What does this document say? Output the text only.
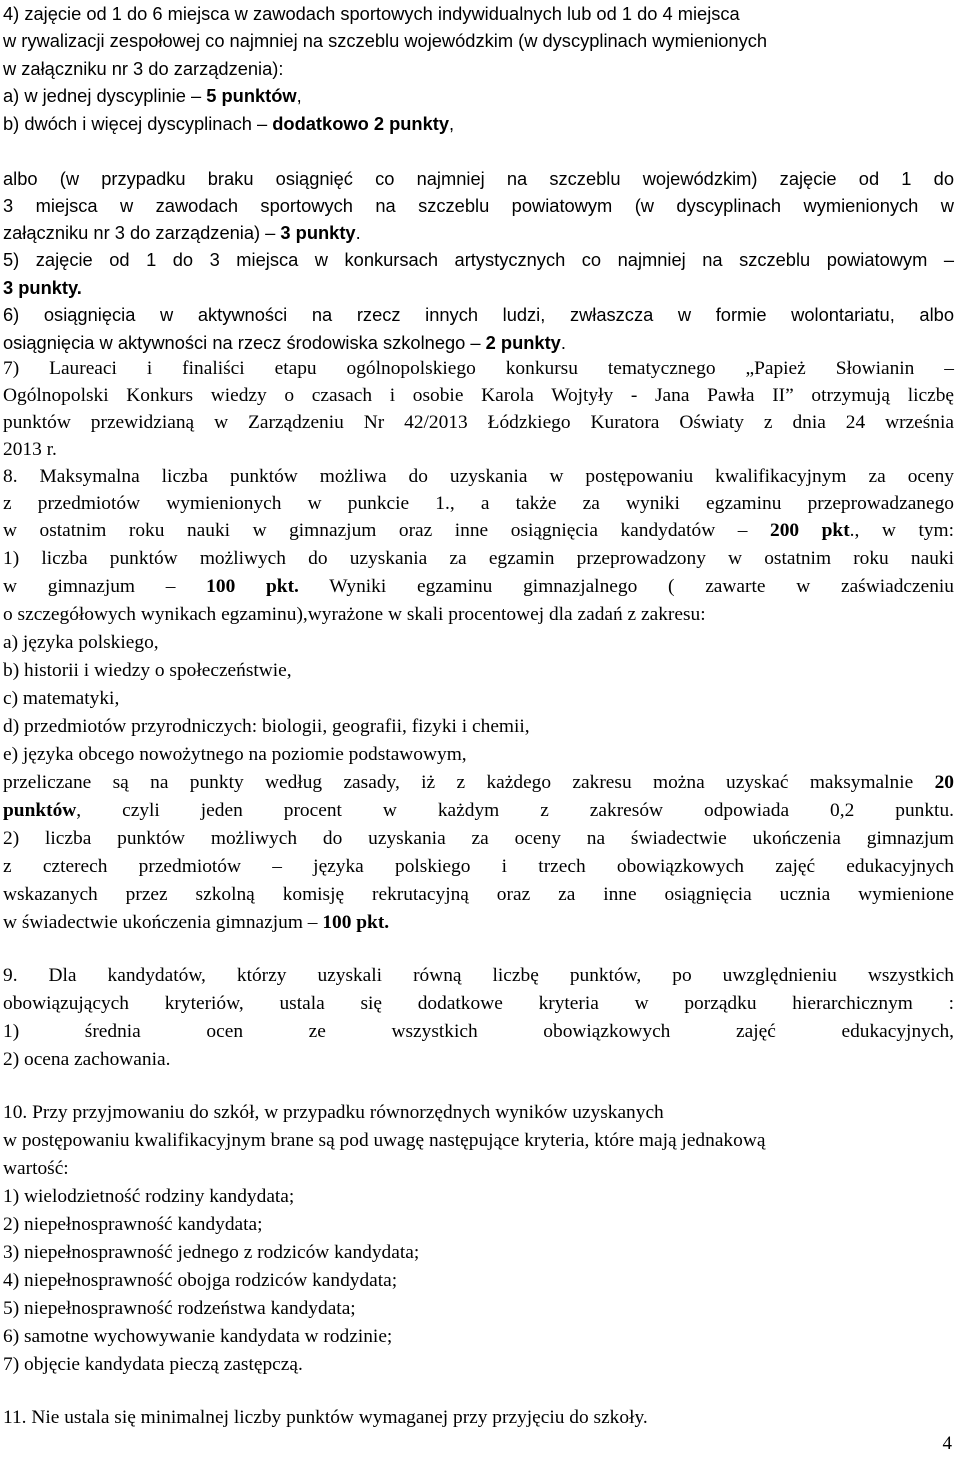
4) zajęcie od 1 do 6 miejsca w zawodach sportowych indywidualnych lub od 1 do 4 miejsca
w rywalizacji zespołowej co najmniej na szczeblu wojewódzkim (w dyscyplinach wymienionych
w załączniku nr 3 do zarządzenia):
a) w jednej dyscyplinie – 5 punktów,
b) dwóch i więcej dyscyplinach – dodatkowo 2 punkty,
albo (w przypadku braku osiągnięć co najmniej na szczeblu wojewódzkim) zajęcie od 1 do
3 miejsca w zawodach sportowych na szczeblu powiatowym (w dyscyplinach wymienionych w
załączniku nr 3 do zarządzenia) – 3 punkty.
5) zajęcie od 1 do 3 miejsca w konkursach artystycznych co najmniej na szczeblu powiatowym –
3 punkty.
6) osiągnięcia w aktywności na rzecz innych ludzi, zwłaszcza w formie wolontariatu, albo
osiągnięcia w aktywności na rzecz środowiska szkolnego – 2 punkty.
7) Laureaci i finaliści etapu ogólnopolskiego konkursu tematycznego „Papież Słowianin –
Ogólnopolski Konkurs wiedzy o czasach i osobie Karola Wojtyły - Jana Pawła II” otrzymują liczbę
punktów przewidzianą w Zarządzeniu Nr 42/2013 Łódzkiego Kuratora Oświaty z dnia 24 września
2013 r.
8. Maksymalna liczba punktów możliwa do uzyskania w postępowaniu kwalifikacyjnym za oceny
z przedmiotów wymienionych w punkcie 1., a także za wyniki egzaminu przeprowadzanego
w ostatnim roku nauki w gimnazjum oraz inne osiągnięcia kandydatów – 200 pkt., w tym:
1) liczba punktów możliwych do uzyskania za egzamin przeprowadzony w ostatnim roku nauki
w gimnazjum – 100 pkt. Wyniki egzaminu gimnazjalnego ( zawarte w zaświadczeniu
o szczegółowych wynikach egzaminu),wyrażone w skali procentowej dla zadań z zakresu:
a) języka polskiego,
b) historii i wiedzy o społeczeństwie,
c) matematyki,
d) przedmiotów przyrodniczych: biologii, geografii, fizyki i chemii,
e) języka obcego nowożytnego na poziomie podstawowym,
przeliczane są na punkty według zasady, iż z każdego zakresu można uzyskać maksymalnie 20
punktów, czyli jeden procent w każdym z zakresów odpowiada 0,2 punktu.
2) liczba punktów możliwych do uzyskania za oceny na świadectwie ukończenia gimnazjum
z czterech przedmiotów – języka polskiego i trzech obowiązkowych zajęć edukacyjnych
wskazanych przez szkolną komisję rekrutacyjną oraz za inne osiągnięcia ucznia wymienione
w świadectwie ukończenia gimnazjum – 100 pkt.
9. Dla kandydatów, którzy uzyskali równą liczbę punktów, po uwzględnieniu wszystkich
obowiązujących kryteriów, ustala się dodatkowe kryteria w porządku hierarchicznym :
1) średnia ocen ze wszystkich obowiązkowych zajęć edukacyjnych,
2) ocena zachowania.
10. Przy przyjmowaniu do szkół, w przypadku równorzędnych wyników uzyskanych
w postępowaniu kwalifikacyjnym brane są pod uwagę następujące kryteria, które mają jednakową
wartość:
1) wielodzietność rodziny kandydata;
2) niepełnosprawność kandydata;
3) niepełnosprawność jednego z rodziców kandydata;
4) niepełnosprawność obojga rodziców kandydata;
5) niepełnosprawność rodzeństwa kandydata;
6) samotne wychowywanie kandydata w rodzinie;
7) objęcie kandydata pieczą zastępczą.
11. Nie ustala się minimalnej liczby punktów wymaganej przy przyjęciu do szkoły.
4
